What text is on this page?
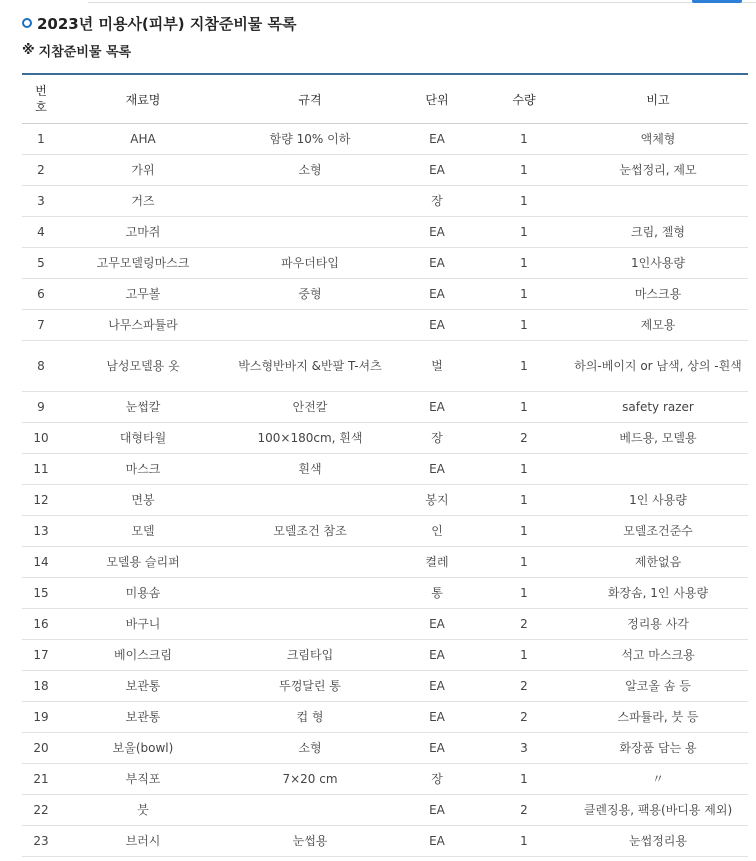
2023년 미용사(피부) 지참준비물 목록
※ 지참준비물 목록
번호	재료명	규격	단위	수량	비고
1	AHA	함량 10% 이하	EA	1	액체형
2	가위	소형	EA	1	눈썹정리, 제모
3	거즈		장	1	
4	고마쥐		EA	1	크림, 젤형
5	고무모델링마스크	파우더타입	EA	1	1인사용량
6	고무볼	중형	EA	1	마스크용
7	나무스파튤라		EA	1	제모용
8	남성모델용 옷	박스형반바지 &반팔 T-셔츠	벌	1	하의-베이지 or 남색, 상의 -흰색
9	눈썹칼	안전칼	EA	1	safety razer
10	대형타월	100×180cm, 흰색	장	2	베드용, 모델용
11	마스크	흰색	EA	1	
12	면봉		봉지	1	1인 사용량
13	모델	모델조건 참조	인	1	모델조건준수
14	모델용 슬리퍼		켤레	1	제한없음
15	미용솜		통	1	화장솜, 1인 사용량
16	바구니		EA	2	정리용 사각
17	베이스크림	크림타입	EA	1	석고 마스크용
18	보관통	뚜껑달린 통	EA	2	알코올 솜 등
19	보관통	컵 형	EA	2	스파튤라, 붓 등
20	보울(bowl)	소형	EA	3	화장품 담는 용
21	부직포	7×20 cm	장	1	〃
22	붓		EA	2	클렌징용, 팩용(바디용 제외)
23	브러시	눈썹용	EA	1	눈썹정리용
